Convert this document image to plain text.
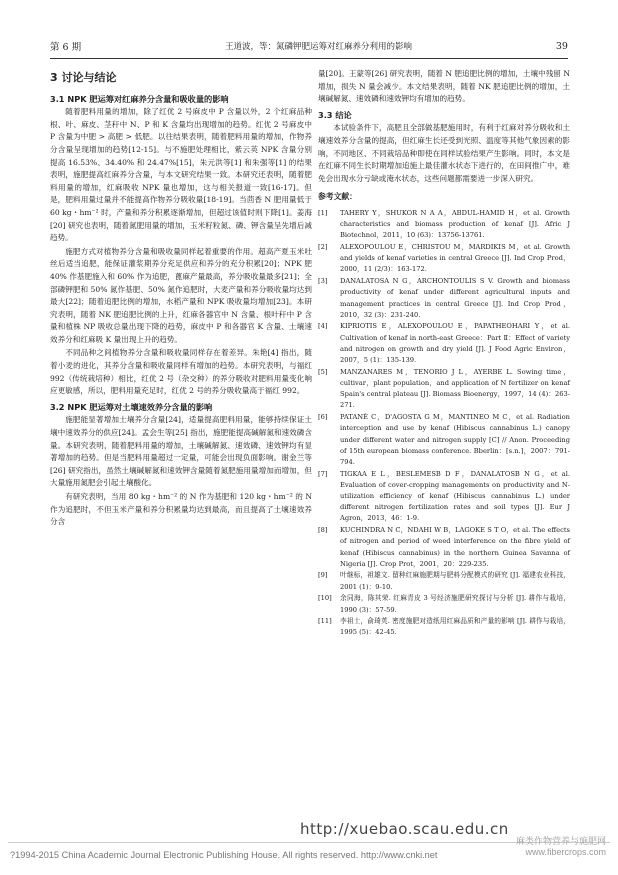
第 6 期	王道波，等：氮磷钾肥运筹对红麻养分利用的影响	39
3 讨论与结论
3.1 NPK 肥运筹对红麻养分含量和吸收量的影响

随着肥料用量的增加，除了红优 2 号麻皮中 P 含量以外，2 个红麻品种根、叶、麻皮、茎秆中 N、P 和 K 含量均出现增加的趋势。红优 2 号麻皮中 P 含量为中肥 > 高肥 > 低肥。以往结果表明，随着肥料用量的增加，作物养分含量呈现增加的趋势[12-15]。与不施肥处理相比，紫云英 NPK 含量分别提高 16.53%、34.40% 和 24.47%[15]，朱元洪等[1] 和朱强等[1] 的结果表明，施肥提高红麻养分含量，与本文研究结果一致。本研究还表明，随着肥料用量的增加，红麻吸收 NPK 量也增加，这与相关报道一致[16-17]。但是，肥料用量过量并不能提高作物养分吸收量[18-19]。当茴香 N 肥用量低于 60 kg・hm⁻² 时，产量和养分积累逐渐增加，但超过该值时则下降[1]。姜海[20] 研究也表明，随着氮肥用量的增加，玉米籽粒氮、磷、钾含量呈先增后减趋势。

施肥方式对植物养分含量和吸收量同样起着重要的作用。超高产夏玉米吐丝后适当追肥，能保证灌浆期养分充足供应和养分的充分积累[20]；NPK 肥 40% 作基肥施入和 60% 作为追肥，蓖麻产量最高，养分吸收量最多[21]；全部磷钾肥和 50% 氮作基肥、50% 氮作追肥时，大麦产量和养分吸收量均达到最大[22]；随着追肥比例的增加，水稻产量和 NPK 吸收量均增加[23]。本研究表明，随着 NK 肥追肥比例的上升，红麻各器官中 N 含量、根叶秆中 P 含量和植株 NP 吸收总量出现下降的趋势，麻皮中 P 和各器官 K 含量、土壤速效养分和红麻吸 K 量出现上升的趋势。

不同品种之间植物养分含量和吸收量同样存在着差异。朱艳[4] 指出，随着小麦的进化，其养分含量和吸收量同样有增加的趋势。本研究表明，与福红 992（传统栽培种）相比，红优 2 号（杂交种）的养分吸收对肥料用量变化响应更敏感，所以，肥料用量充足时，红优 2 号的养分吸收量高于福红 992。

3.2 NPK 肥运筹对土壤速效养分含量的影响

施肥能显著增加土壤养分含量[24]，适量提高肥料用量，能够持续保证土壤中速效养分的供应[24]。孟会生等[25] 指出，施肥能提高碱解氮和速效磷含量。本研究表明，随着肥料用量的增加，土壤碱解氮、速效磷、速效钾均有显著增加的趋势。但是当肥料用量超过一定量，可能会出现负面影响。谢金兰等[26] 研究指出，虽然土壤碱解氮和速效钾含量随着氮肥施用量增加而增加，但大量施用氮肥会引起土壤酸化。

有研究表明，当用 80 kg・hm⁻² 的 N 作为基肥和 120 kg・hm⁻² 的 N 作为追肥时，不但玉米产量和养分积累量均达到最高，而且提高了土壤速效养分含

量[20]。王蒙等[26] 研究表明，随着 N 肥追肥比例的增加，土壤中残留 N 增加，损失 N 量会减少。本文结果表明，随着 NK 肥追肥比例的增加，土壤碱解氮、速效磷和速效钾均有增加的趋势。

3.3 结论

本试验条件下，高肥且全部做基肥施用时，有利于红麻对养分吸收和土壤速效养分含量的提高，但红麻生长还受到光照、温度等其他气象因素的影响，不同地区、不同栽培品种即使在同样试验结果产生影响。同时，本文是在红麻不同生长时期增加追施上最佳灌水状态下进行的，在田间推广中，难免会出现水分亏缺或淹水状态，这些问题都需要进一步深入研究。

参考文献：
[1]	TAHERY Y，SHUKOR N A A，ABDUL-HAMID H，et al. Growth characteristics and biomass production of kenaf [J]. Afric J Biotechnol，2011，10 (63)：13756-13761.
[2]	ALEXOPOULOU E，CHRISTOU M，MARDIKIS M，et al. Growth and yields of kenaf varieties in central Greece [J]. Ind Crop Prod，2000，11 (2/3)：163-172.
[3]	DANALATOSA N G，ARCHONTOULIS S V. Growth and biomass productivity of kenaf under different agricultural inputs and management practices in central Greece [J]. Ind Crop Prod，2010，32 (3)：231-240.
[4]	KIPRIOTIS E，ALEXOPOULOU E，PAPATHEOHARI Y，et al. Cultivation of kenaf in north-east Greece：Part Ⅱ：Effect of variety and nitrogen on growth and dry yield [J]. J Food Agric Environ，2007，5 (1)：135-139.
[5]	MANZANARES M，TENORIO J L，AYERBE L. Sowing time，cultivar，plant population，and application of N fertilizer on kenaf Spain's central plateau [J]. Biomass Bioenergy，1997，14 (4)：263-271.
[6]	PATANÈ C，D'AGOSTA G M，MANTINEO M C，et al. Radiation interception and use by kenaf (Hibiscus cannabinus L.) canopy under different water and nitrogen supply [C] // Anon. Proceeding of 15th european biomass conference. Bberlin：[s.n.]，2007：791-794.
[7]	TIGKAA E L，BESLEMESB D F，DANALATOSB N G，et al. Evaluation of cover-cropping managements on productivity and N-utilization efficiency of kenaf (Hibiscus cannabinus L.) under different nitrogen fertilization rates and soil types [J]. Eur J Agron，2013，46：1-9.
[8]	KUCHINDRA N C，NDAHI W B，LAGOKE S T O，et al. The effects of nitrogen and period of weed interference on the fibre yield of kenaf (Hibiscus cannabinus) in the northern Guinea Savanna of Nigeria [J]. Crop Prot，2001，20：229-235.
[9]	叶继标，祖雄文. 留种红麻施肥期与肥料分配模式的研究 [J]. 福建农业科技，2001 (1)：9-10.
[10]	余同海，陈其荣. 红麻青皮 3 号经济施肥研究探讨与分析 [J]. 耕作与栽培，1990 (3)：57-59.
[11]	李祖士，俞琦英. 密度施肥对造纸用红麻品质和产量的影响 [J]. 耕作与栽培，1995 (5)：42-45.
http://xuebao.scau.edu.cn
?1994-2015 China Academic Journal Electronic Publishing House. All rights reserved. http://www.cnki.net
麻类作物营养与施肥网
www.fibercrops.com
